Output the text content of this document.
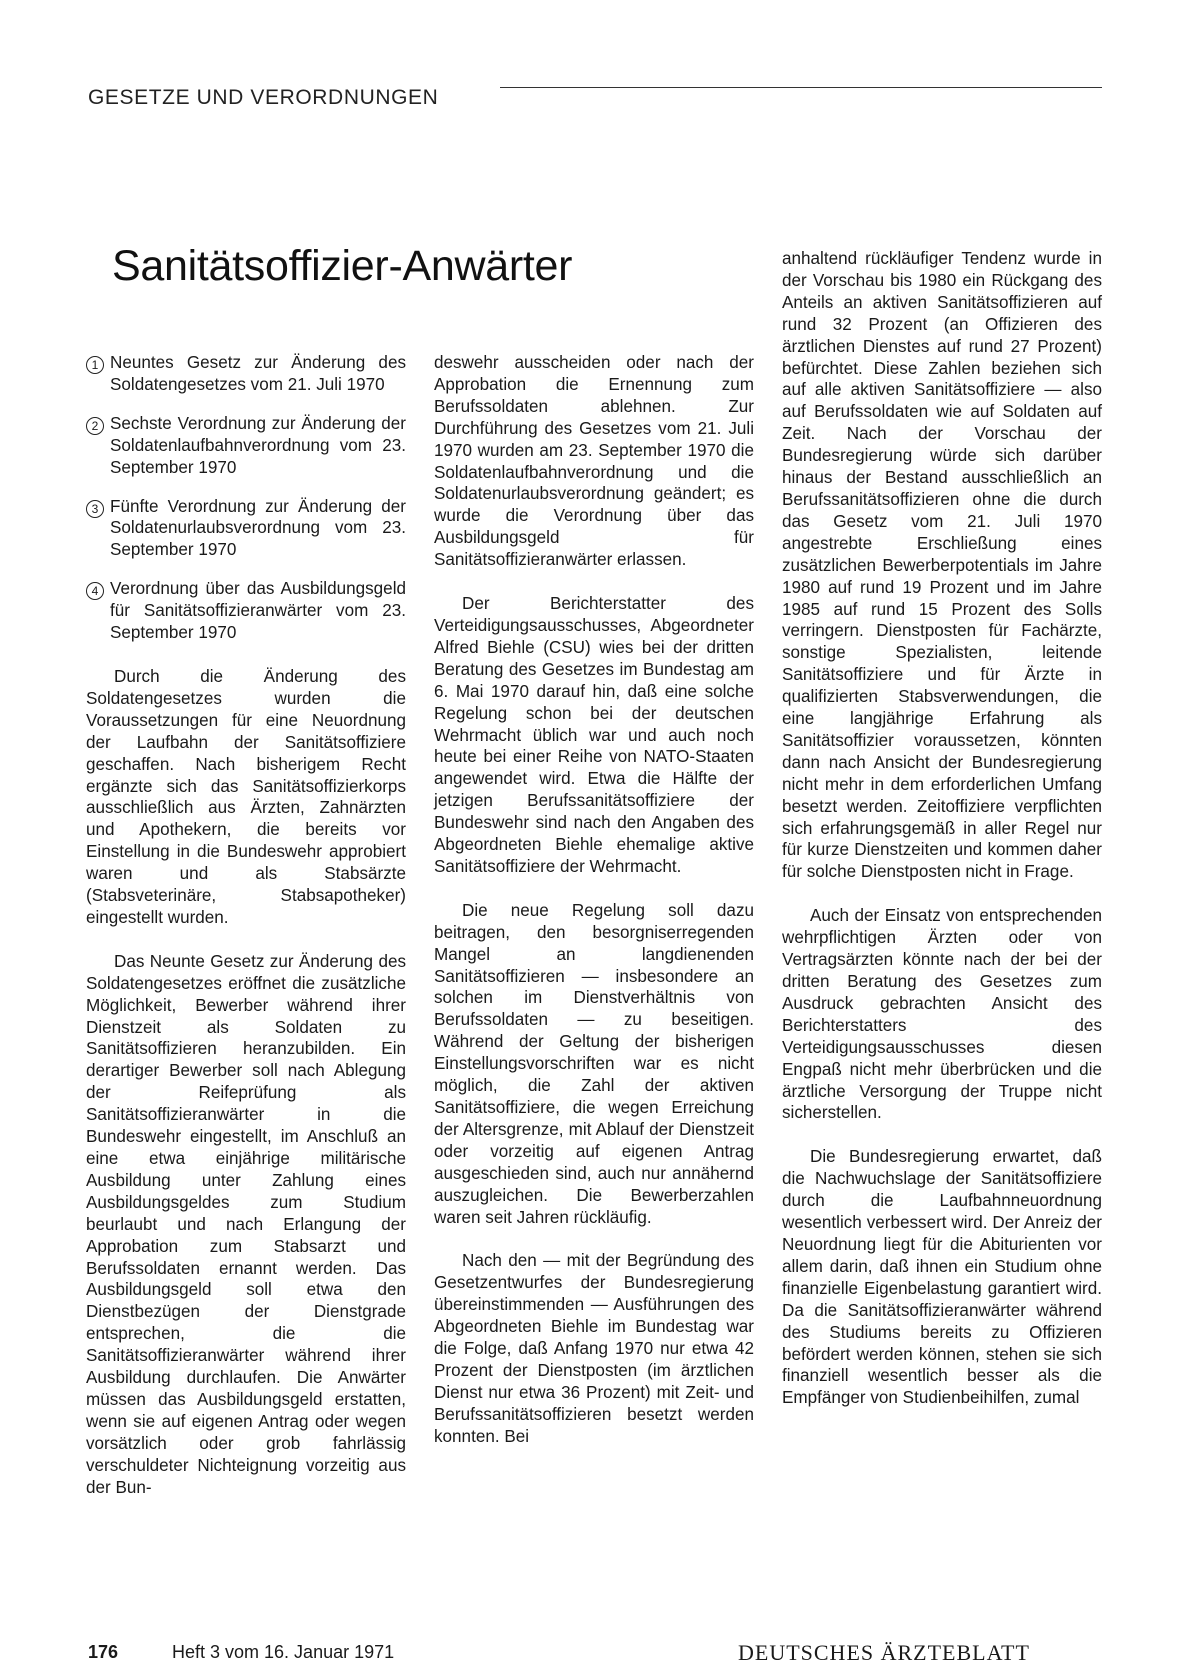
GESETZE UND VERORDNUNGEN
Sanitätsoffizier-Anwärter
1 Neuntes Gesetz zur Änderung des Soldatengesetzes vom 21. Juli 1970
2 Sechste Verordnung zur Änderung der Soldatenlaufbahnverordnung vom 23. September 1970
3 Fünfte Verordnung zur Änderung der Soldatenurlaubsverordnung vom 23. September 1970
4 Verordnung über das Ausbildungsgeld für Sanitätsoffizieranwärter vom 23. September 1970

Durch die Änderung des Soldatengesetzes wurden die Voraussetzungen für eine Neuordnung der Laufbahn der Sanitätsoffiziere geschaffen. Nach bisherigem Recht ergänzte sich das Sanitätsoffizierkorps ausschließlich aus Ärzten, Zahnärzten und Apothekern, die bereits vor Einstellung in die Bundeswehr approbiert waren und als Stabsärzte (Stabsveterinäre, Stabsapotheker) eingestellt wurden.

Das Neunte Gesetz zur Änderung des Soldatengesetzes eröffnet die zusätzliche Möglichkeit, Bewerber während ihrer Dienstzeit als Soldaten zu Sanitätsoffizieren heranzubilden. Ein derartiger Bewerber soll nach Ablegung der Reifeprüfung als Sanitätsoffizieranwärter in die Bundeswehr eingestellt, im Anschluß an eine etwa einjährige militärische Ausbildung unter Zahlung eines Ausbildungsgeldes zum Studium beurlaubt und nach Erlangung der Approbation zum Stabsarzt und Berufssoldaten ernannt werden. Das Ausbildungsgeld soll etwa den Dienstbezügen der Dienstgrade entsprechen, die die Sanitätsoffizieranwärter während ihrer Ausbildung durchlaufen. Die Anwärter müssen das Ausbildungsgeld erstatten, wenn sie auf eigenen Antrag oder wegen vorsätzlich oder grob fahrlässig verschuldeter Nichteignung vorzeitig aus der Bun-

deswehr ausscheiden oder nach der Approbation die Ernennung zum Berufssoldaten ablehnen. Zur Durchführung des Gesetzes vom 21. Juli 1970 wurden am 23. September 1970 die Soldatenlaufbahnverordnung und die Soldatenurlaubsverordnung geändert; es wurde die Verordnung über das Ausbildungsgeld für Sanitätsoffizieranwärter erlassen.

Der Berichterstatter des Verteidigungsausschusses, Abgeordneter Alfred Biehle (CSU) wies bei der dritten Beratung des Gesetzes im Bundestag am 6. Mai 1970 darauf hin, daß eine solche Regelung schon bei der deutschen Wehrmacht üblich war und auch noch heute bei einer Reihe von NATO-Staaten angewendet wird. Etwa die Hälfte der jetzigen Berufssanitätsoffiziere der Bundeswehr sind nach den Angaben des Abgeordneten Biehle ehemalige aktive Sanitätsoffiziere der Wehrmacht.

Die neue Regelung soll dazu beitragen, den besorgniserregenden Mangel an langdienenden Sanitätsoffizieren — insbesondere an solchen im Dienstverhältnis von Berufssoldaten — zu beseitigen. Während der Geltung der bisherigen Einstellungsvorschriften war es nicht möglich, die Zahl der aktiven Sanitätsoffiziere, die wegen Erreichung der Altersgrenze, mit Ablauf der Dienstzeit oder vorzeitig auf eigenen Antrag ausgeschieden sind, auch nur annähernd auszugleichen. Die Bewerberzahlen waren seit Jahren rückläufig.

Nach den — mit der Begründung des Gesetzentwurfes der Bundesregierung übereinstimmenden — Ausführungen des Abgeordneten Biehle im Bundestag war die Folge, daß Anfang 1970 nur etwa 42 Prozent der Dienstposten (im ärztlichen Dienst nur etwa 36 Prozent) mit Zeit- und Berufssanitätsoffizieren besetzt werden konnten. Bei

anhaltend rückläufiger Tendenz wurde in der Vorschau bis 1980 ein Rückgang des Anteils an aktiven Sanitätsoffizieren auf rund 32 Prozent (an Offizieren des ärztlichen Dienstes auf rund 27 Prozent) befürchtet. Diese Zahlen beziehen sich auf alle aktiven Sanitätsoffiziere — also auf Berufssoldaten wie auf Soldaten auf Zeit. Nach der Vorschau der Bundesregierung würde sich darüber hinaus der Bestand ausschließlich an Berufssanitätsoffizieren ohne die durch das Gesetz vom 21. Juli 1970 angestrebte Erschließung eines zusätzlichen Bewerberpotentials im Jahre 1980 auf rund 19 Prozent und im Jahre 1985 auf rund 15 Prozent des Solls verringern. Dienstposten für Fachärzte, sonstige Spezialisten, leitende Sanitätsoffiziere und für Ärzte in qualifizierten Stabsverwendungen, die eine langjährige Erfahrung als Sanitätsoffizier voraussetzen, könnten dann nach Ansicht der Bundesregierung nicht mehr in dem erforderlichen Umfang besetzt werden. Zeitoffiziere verpflichten sich erfahrungsgemäß in aller Regel nur für kurze Dienstzeiten und kommen daher für solche Dienstposten nicht in Frage.

Auch der Einsatz von entsprechenden wehrpflichtigen Ärzten oder von Vertragsärzten könnte nach der bei der dritten Beratung des Gesetzes zum Ausdruck gebrachten Ansicht des Berichterstatters des Verteidigungsausschusses diesen Engpaß nicht mehr überbrücken und die ärztliche Versorgung der Truppe nicht sicherstellen.

Die Bundesregierung erwartet, daß die Nachwuchslage der Sanitätsoffiziere durch die Laufbahnneuordnung wesentlich verbessert wird. Der Anreiz der Neuordnung liegt für die Abiturienten vor allem darin, daß ihnen ein Studium ohne finanzielle Eigenbelastung garantiert wird. Da die Sanitätsoffizieranwärter während des Studiums bereits zu Offizieren befördert werden können, stehen sie sich finanziell wesentlich besser als die Empfänger von Studienbeihilfen, zumal

176	Heft 3 vom 16. Januar 1971	DEUTSCHES ÄRZTEBLATT
